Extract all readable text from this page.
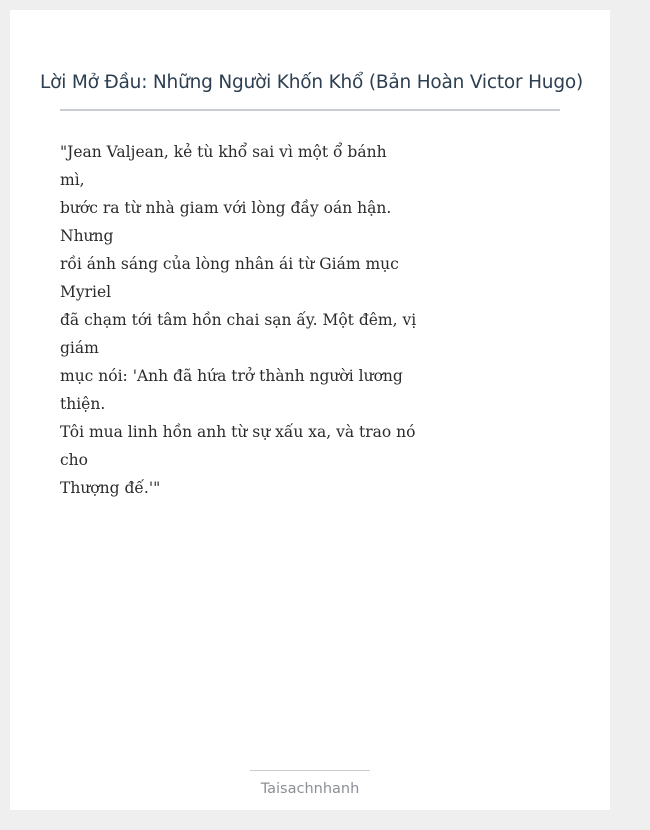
Lời Mở Đầu: Những Người Khốn Khổ (Bản Hoàn Victor Hugo)
"Jean Valjean, kẻ tù khổ sai vì một ổ bánh
mì,
bước ra từ nhà giam với lòng đầy oán hận.
Nhưng
rồi ánh sáng của lòng nhân ái từ Giám mục
Myriel
đã chạm tới tâm hồn chai sạn ấy. Một đêm, vị
giám
mục nói: 'Anh đã hứa trở thành người lương
thiện.
Tôi mua linh hồn anh từ sự xấu xa, và trao nó
cho
Thượng đế.'"
Taisachnhanh
